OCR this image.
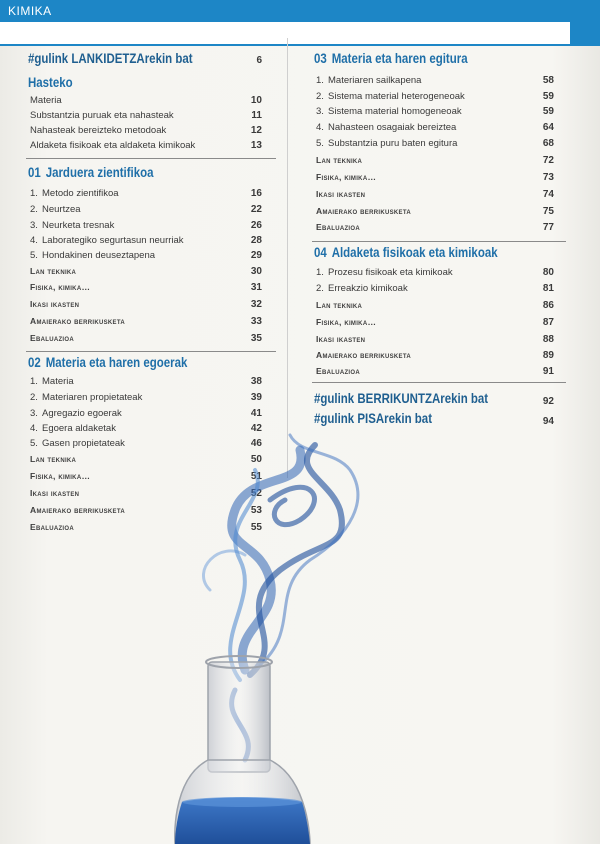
KIMIKA
#gulink LANKIDETZArekin bat	6
Hasteko
Materia	10
Substantzia puruak eta nahasteak	11
Nahasteak bereizteko metodoak	12
Aldaketa fisikoak eta aldaketa kimikoak	13
01 Jarduera zientifikoa
1. Metodo zientifikoa	16
2. Neurtzea	22
3. Neurketa tresnak	26
4. Laborategiko segurtasun neurriak	28
5. Hondakinen deuseztapena	29
Lan teknika	30
Fisika, kimika…	31
Ikasi ikasten	32
Amaierako berrikusketa	33
Ebaluazioa	35
02 Materia eta haren egoerak
1. Materia	38
2. Materiaren propietateak	39
3. Agregazio egoerak	41
4. Egoera aldaketak	42
5. Gasen propietateak	46
Lan teknika	50
Fisika, kimika…	51
Ikasi ikasten	52
Amaierako berrikusketa	53
Ebaluazioa	55
03 Materia eta haren egitura
1. Materiaren sailkapena	58
2. Sistema material heterogeneoak	59
3. Sistema material homogeneoak	59
4. Nahasteen osagaiak bereiztea	64
5. Substantzia puru baten egitura	68
Lan teknika	72
Fisika, kimika…	73
Ikasi ikasten	74
Amaierako berrikusketa	75
Ebaluazioa	77
04 Aldaketa fisikoak eta kimikoak
1. Prozesu fisikoak eta kimikoak	80
2. Erreakzio kimikoak	81
Lan teknika	86
Fisika, kimika…	87
Ikasi ikasten	88
Amaierako berrikusketa	89
Ebaluazioa	91
#gulink BERRIKUNTZArekin bat	92
#gulink PISArekin bat	94
